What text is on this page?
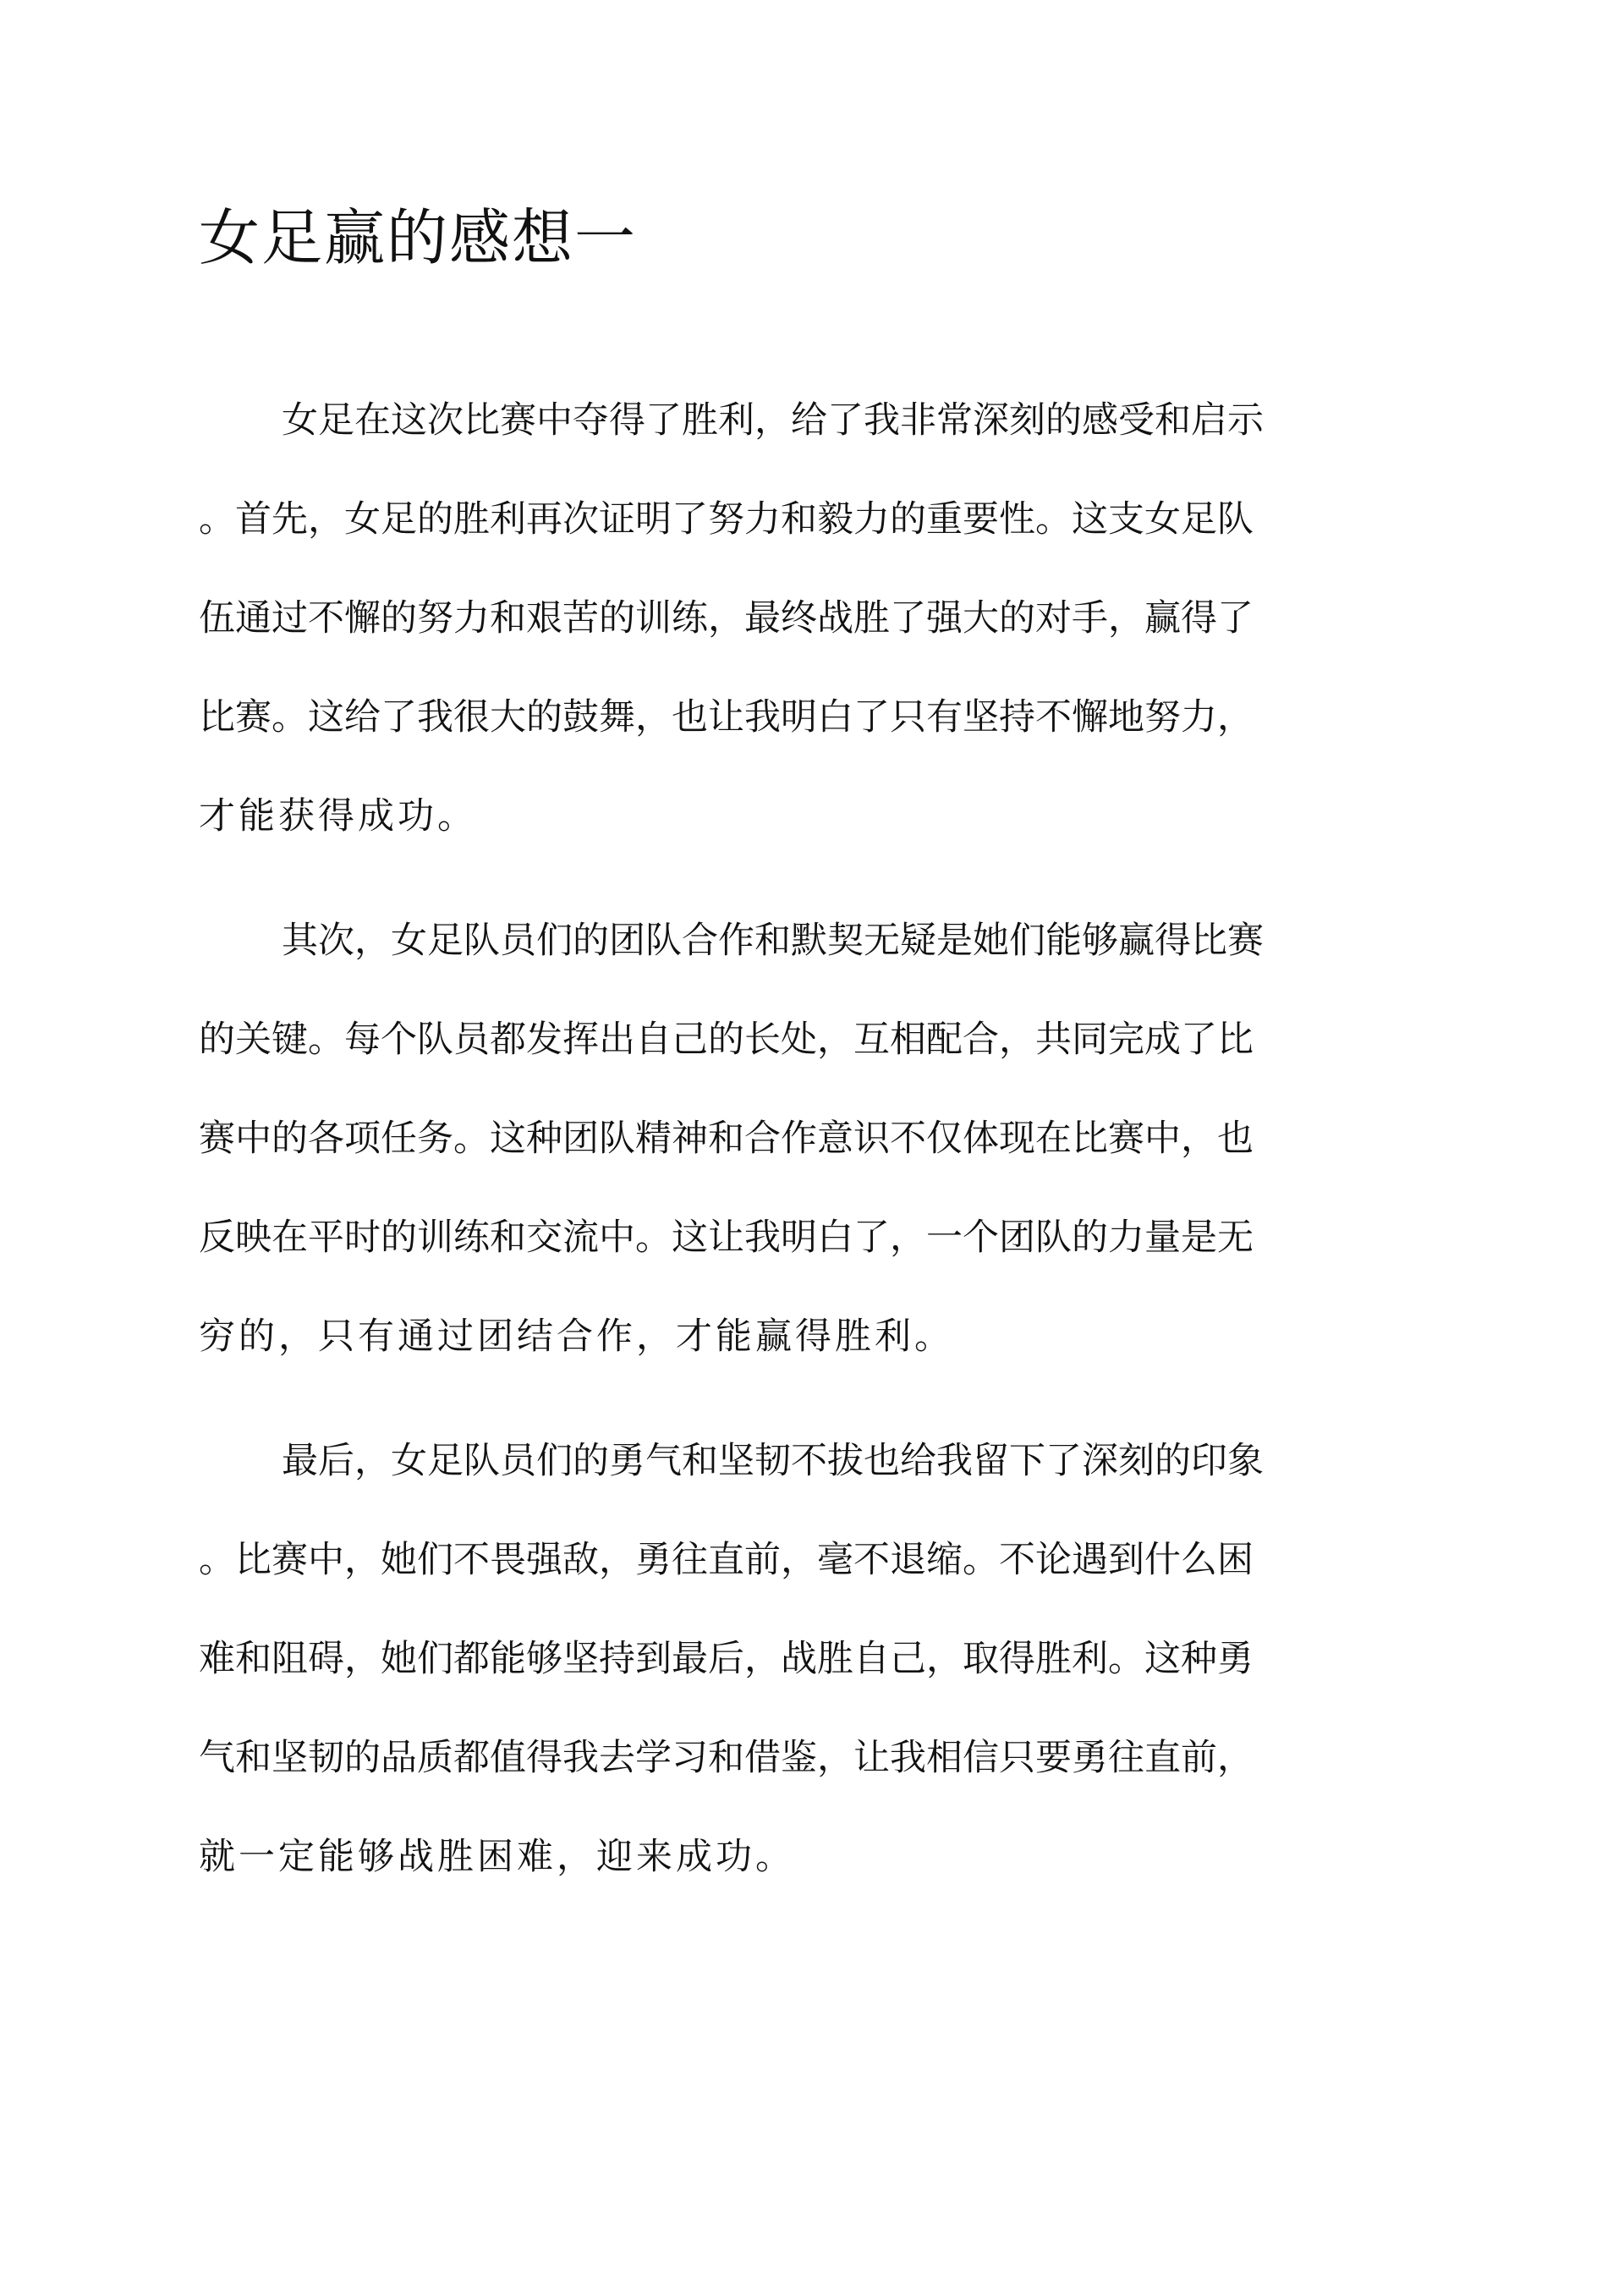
女足赢的感想一

女足在这次比赛中夺得了胜利，给了我非常深刻的感受和启示

。首先，女足的胜利再次证明了努力和毅力的重要性。这支女足队

伍通过不懈的努力和艰苦的训练，最终战胜了强大的对手，赢得了

比赛。这给了我很大的鼓舞，也让我明白了只有坚持不懈地努力，

才能获得成功。

其次，女足队员们的团队合作和默契无疑是她们能够赢得比赛

的关键。每个队员都发挥出自己的长处，互相配合，共同完成了比

赛中的各项任务。这种团队精神和合作意识不仅体现在比赛中，也

反映在平时的训练和交流中。这让我明白了，一个团队的力量是无

穷的，只有通过团结合作，才能赢得胜利。

最后，女足队员们的勇气和坚韧不拔也给我留下了深刻的印象

。比赛中，她们不畏强敌，勇往直前，毫不退缩。不论遇到什么困

难和阻碍，她们都能够坚持到最后，战胜自己，取得胜利。这种勇

气和坚韧的品质都值得我去学习和借鉴，让我相信只要勇往直前，

就一定能够战胜困难，迎来成功。
